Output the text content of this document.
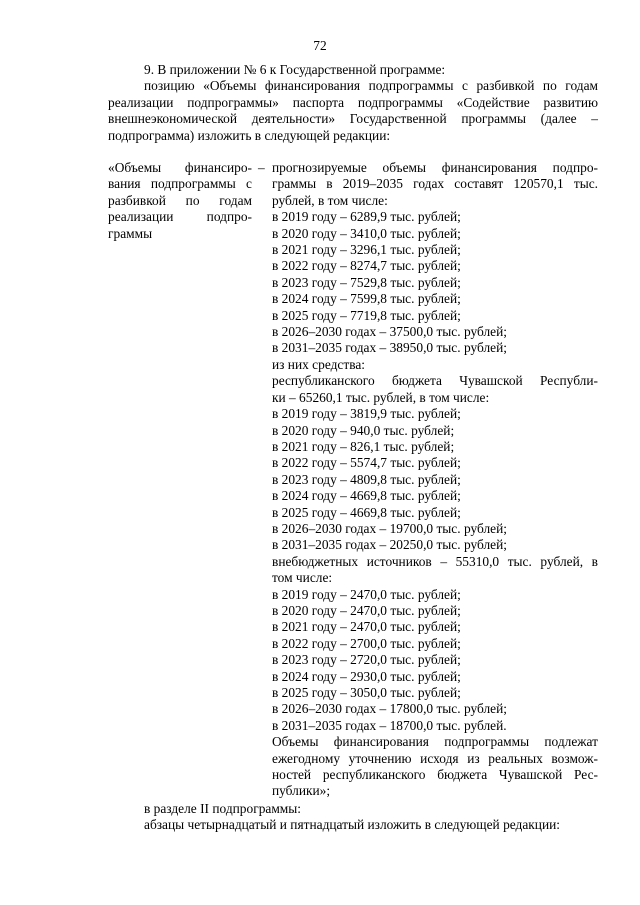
72
9. В приложении № 6 к Государственной программе:
позицию «Объемы финансирования подпрограммы с разбивкой по годам
реализации подпрограммы» паспорта подпрограммы «Содействие развитию
внешнеэкономической деятельности» Государственной программы (далее –
подпрограмма) изложить в следующей редакции:
«Объемы финансиро-
вания подпрограммы с
разбивкой по годам
реализации подпро-
граммы
– прогнозируемые объемы финансирования подпро-
граммы в 2019–2035 годах составят 120570,1 тыс.
рублей, в том числе:
в 2019 году – 6289,9 тыс. рублей;
в 2020 году – 3410,0 тыс. рублей;
в 2021 году – 3296,1 тыс. рублей;
в 2022 году – 8274,7 тыс. рублей;
в 2023 году – 7529,8 тыс. рублей;
в 2024 году – 7599,8 тыс. рублей;
в 2025 году – 7719,8 тыс. рублей;
в 2026–2030 годах – 37500,0 тыс. рублей;
в 2031–2035 годах – 38950,0 тыс. рублей;
из них средства:
республиканского бюджета Чувашской Республи-
ки – 65260,1 тыс. рублей, в том числе:
в 2019 году – 3819,9 тыс. рублей;
в 2020 году – 940,0 тыс. рублей;
в 2021 году – 826,1 тыс. рублей;
в 2022 году – 5574,7 тыс. рублей;
в 2023 году – 4809,8 тыс. рублей;
в 2024 году – 4669,8 тыс. рублей;
в 2025 году – 4669,8 тыс. рублей;
в 2026–2030 годах – 19700,0 тыс. рублей;
в 2031–2035 годах – 20250,0 тыс. рублей;
внебюджетных источников – 55310,0 тыс. рублей, в
том числе:
в 2019 году – 2470,0 тыс. рублей;
в 2020 году – 2470,0 тыс. рублей;
в 2021 году – 2470,0 тыс. рублей;
в 2022 году – 2700,0 тыс. рублей;
в 2023 году – 2720,0 тыс. рублей;
в 2024 году – 2930,0 тыс. рублей;
в 2025 году – 3050,0 тыс. рублей;
в 2026–2030 годах – 17800,0 тыс. рублей;
в 2031–2035 годах – 18700,0 тыс. рублей.
Объемы финансирования подпрограммы подлежат
ежегодному уточнению исходя из реальных возмож-
ностей республиканского бюджета Чувашской Рес-
публики»;
в разделе II подпрограммы:
абзацы четырнадцатый и пятнадцатый изложить в следующей редакции:
